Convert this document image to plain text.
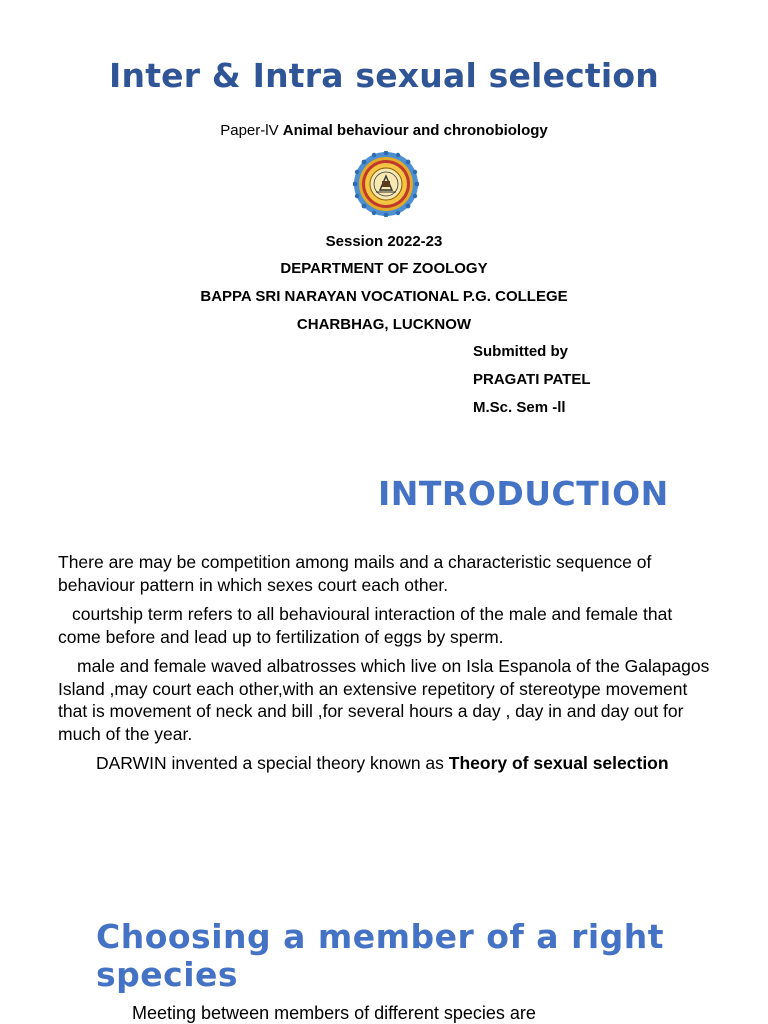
Inter & Intra sexual selection
Paper-lV Animal behaviour and chronobiology
Session 2022-23
DEPARTMENT OF ZOOLOGY
BAPPA SRI NARAYAN VOCATIONAL P.G. COLLEGE
CHARBHAG, LUCKNOW
Submitted by
PRAGATI PATEL
M.Sc. Sem -ll
INTRODUCTION

There are may be competition among mails and a characteristic sequence of behaviour pattern in which sexes court each other.

courtship term refers to all behavioural interaction of the male and female that come before and lead up to fertilization of eggs by sperm.

male and female waved albatrosses which live on Isla Espanola of the Galapagos Island ,may court each other,with an extensive repetitory of stereotype movement that is movement of neck and bill ,for several hours a day , day in and day out for much of the year.

DARWIN invented a special theory known as Theory of sexual selection

Choosing a member of a right species

Meeting between members of different species are
